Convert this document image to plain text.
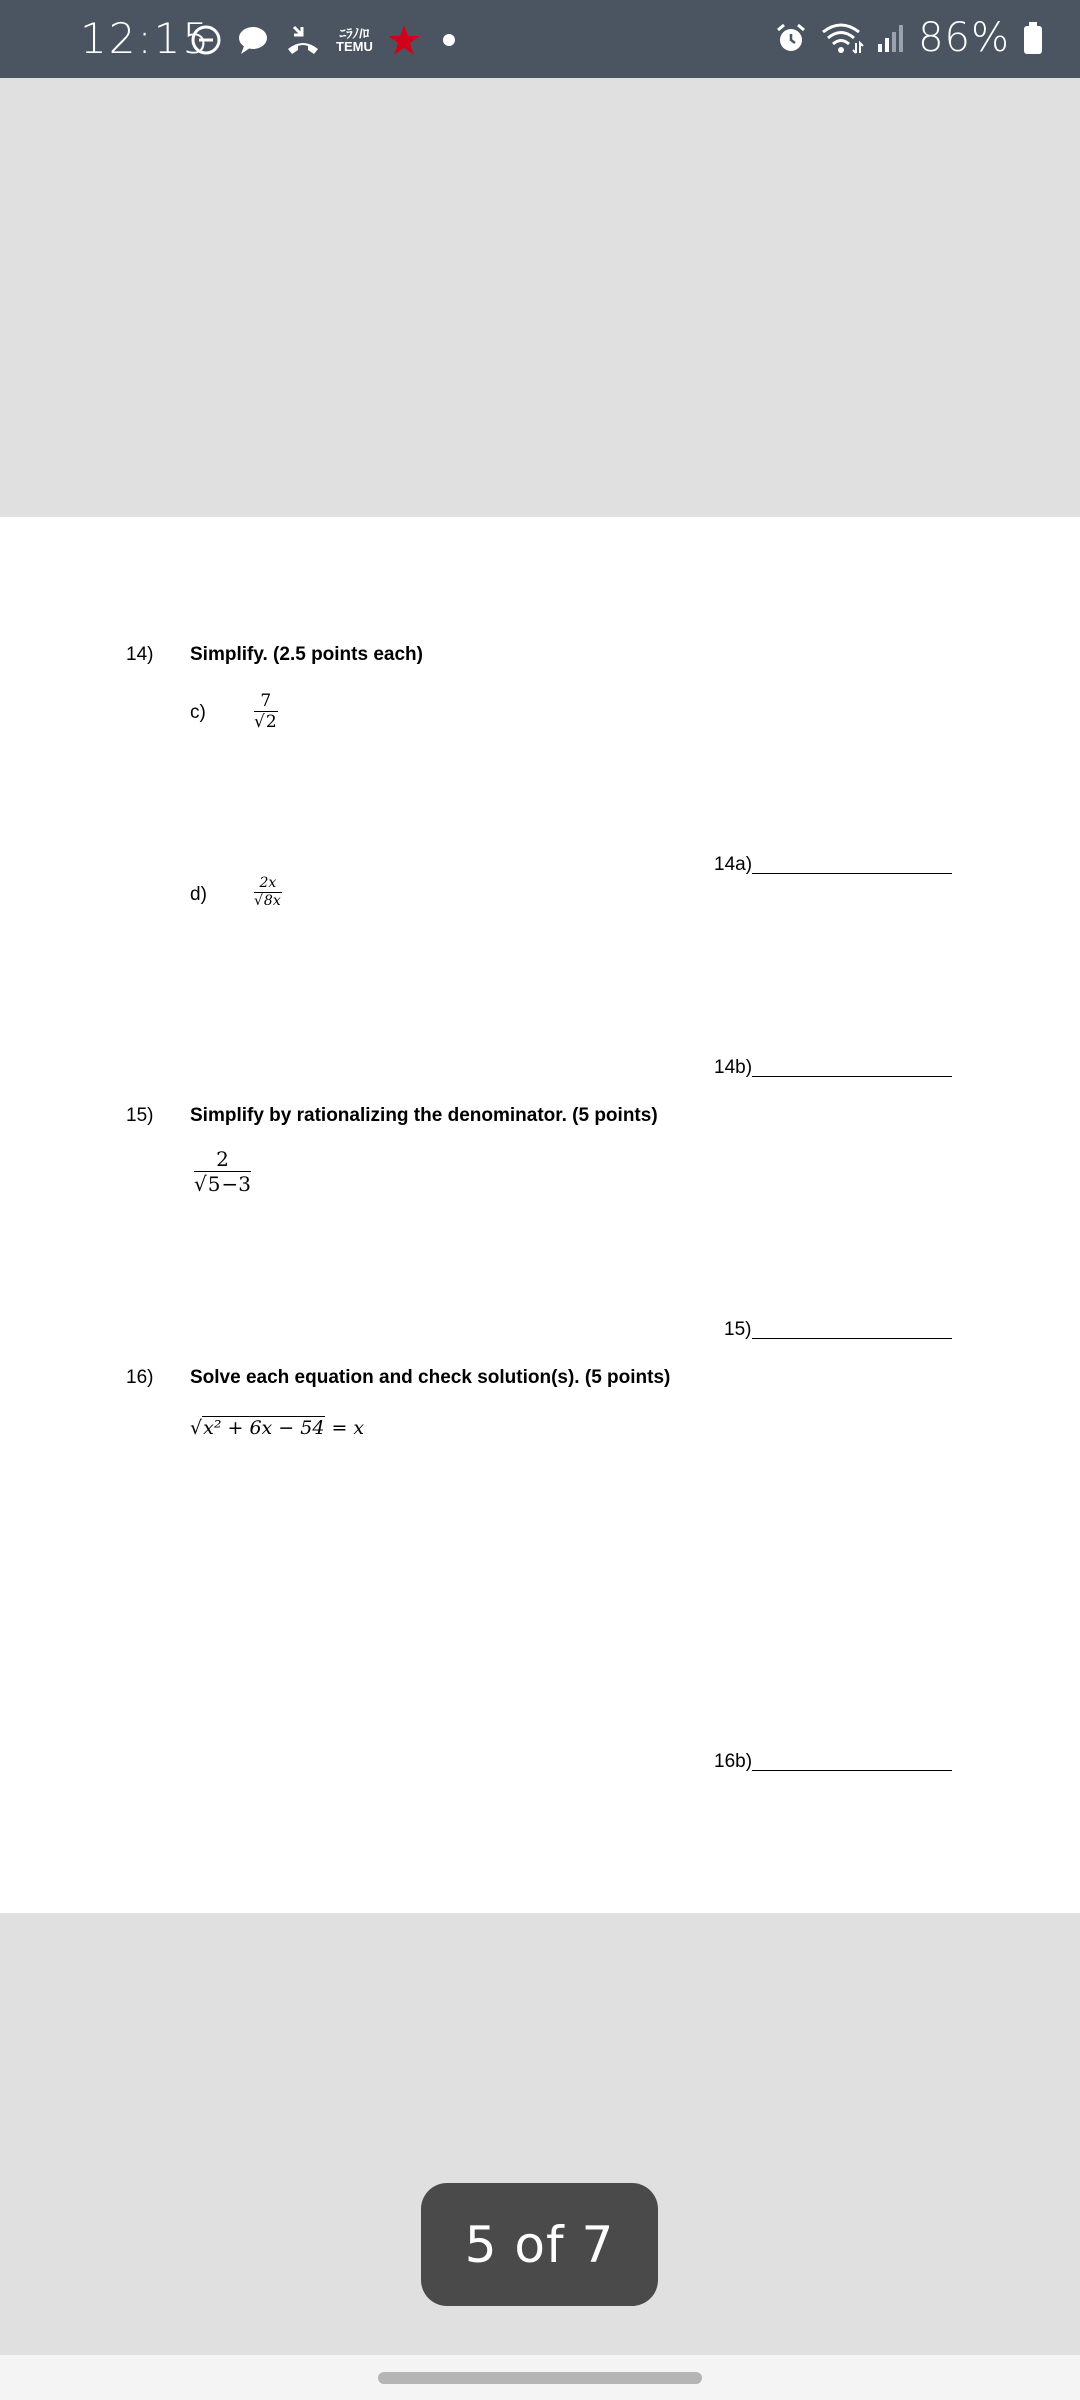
12:15	ﾆﾗﾉ/ﾛ
TEMU	86%
14) Simplify. (2.5 points each)
c)
7
√2
14a)
d)
2x
√8x
14b)
15) Simplify by rationalizing the denominator. (5 points)
2
√5−3
15)
16) Solve each equation and check solution(s). (5 points)
√x² + 6x − 54 = x
16b)
5 of 7
